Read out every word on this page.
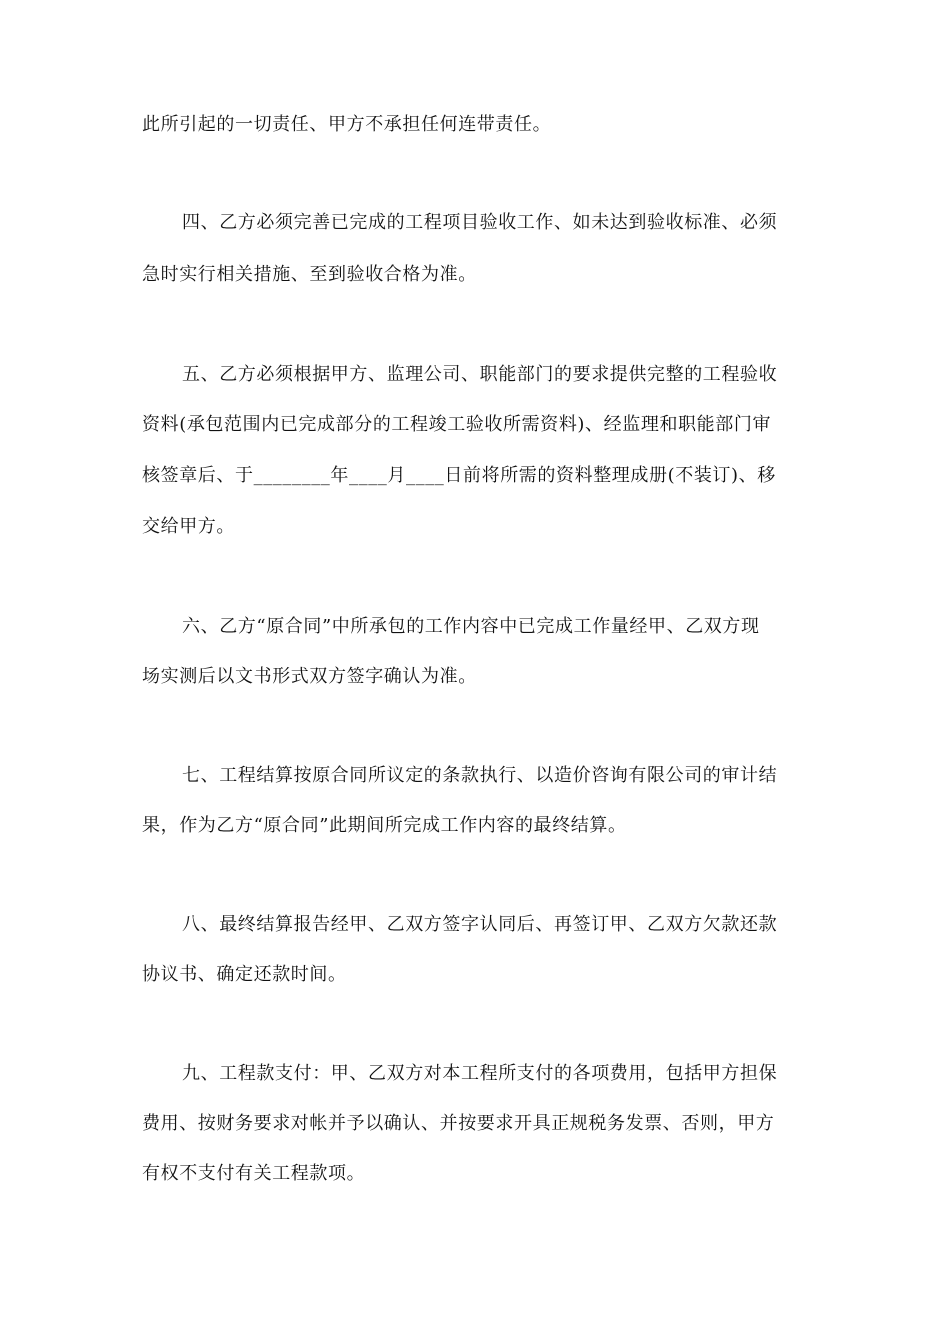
此所引起的一切责任、甲方不承担任何连带责任。
四、乙方必须完善已完成的工程项目验收工作、如未达到验收标准、必须
急时实行相关措施、至到验收合格为准。
五、乙方必须根据甲方、监理公司、职能部门的要求提供完整的工程验收
资料(承包范围内已完成部分的工程竣工验收所需资料)、经监理和职能部门审
核签章后、于________年____月____日前将所需的资料整理成册(不装订)、移
交给甲方。
六、乙方“原合同”中所承包的工作内容中已完成工作量经甲、乙双方现
场实测后以文书形式双方签字确认为准。
七、工程结算按原合同所议定的条款执行、以造价咨询有限公司的审计结
果，作为乙方“原合同”此期间所完成工作内容的最终结算。
八、最终结算报告经甲、乙双方签字认同后、再签订甲、乙双方欠款还款
协议书、确定还款时间。
九、工程款支付：甲、乙双方对本工程所支付的各项费用，包括甲方担保
费用、按财务要求对帐并予以确认、并按要求开具正规税务发票、否则，甲方
有权不支付有关工程款项。
